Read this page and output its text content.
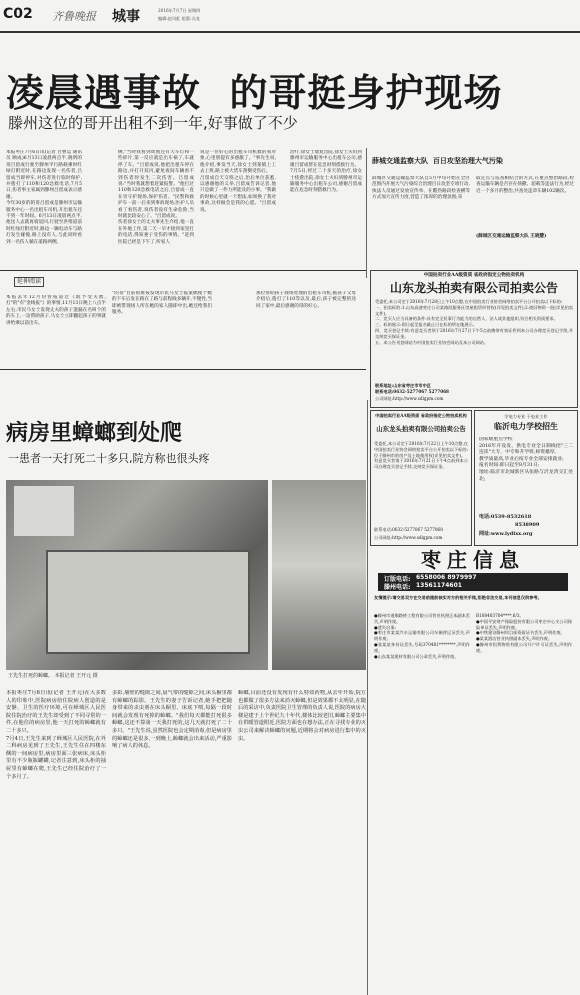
C02 齐鲁晚报 城事	2016年7月7日 星期四
编辑:赵凤虹 组版:冯龙
凌晨遇事故  的哥挺身护现场
滕州这位的哥开出租不到一年,好事做了不少
本报枣庄7月6日讯(记者 甘曹运 通讯员 顾成)6月13日凌晨两点半,晓明的哥吕留成行驶至滕州平行路载乘时红绿灯附近时,在路边发现一名伤者,吕留成当即停车,对伤者进行临时保护,并拨打了110和120急救电话,7月5日,伤者事主家属到滕州吕留成表示感谢。
今年30岁的的哥吕留成是滕州市运输服务中心一名出租车司机,开出租车还不到一年时间。6月13日凌晨两点半,他送人去就再骑返回,行驶至洪绪道前时红绿灯附近时,路边一辆电动车与路灯发生碰撞,路上没有人,与此同时看到一名伤人躺在道路两侧。
侧,"当时我看到周围还有大车灯和一些碎片,第一反应就是出车祸了,车就停了车。"吕留成说,他把出租车停在路边,并打开双闪,避免夜间车辆看不到伤者时发生二次伤害。吕留成说:"当时我就想着赶紧报警。"他打过110和120急救电话之后,吕留成一直在旁守护现场,保护伤者。"民警和救护车一前一后来到事故现场,医护人员看了看伤者,说伤者没有生命危险,当时就比较安心了。"吕留成说。
伤者徐女士的丈夫事先生介绍,他一直在外地工作,第二天一早才接到家里打的电话,得知妻子受伤的事情。"赶到医院已经是下午了,听家人
说是一位好心的出租车司机救的我对象,心里别提有多感激了。"事先生说,他介绍,事发当天,徐女士到某镇上工去上班,路上被大货车刮倒受伤后。
吕留成自天交班之后,治后单位获悉,以感谢他的义举,吕留成告诉记者,他只是做了一件力所能及的小事。"我做的时候心里就一个想法,如果换了我对事故,这样做会是我的心愿。"吕留成说。
治疗,徐女士康复出院,徐女士夫妇到滕州市运输服务中心出租车公司,感谢吕留成帮在危急时刻搭救行为。
7月5日,经过二十多天的治疗,徐女士痊愈出院,徐女士夫妇到滕州市运输服务中心出租车公司,感谢吕留成能在危急时刻搭救行为。
延伸阅读
本报去年12月份曾报道过《既予受关救,打"的"有"金线报"》的事情,11月13日晚上八点半左右,市民马女士发现丈夫的孩子遗漏在名叫个的的车上,一边帮助孩子,马女士立即翻起孩子的事就讲给乘以前出车。
"的哥"目前很难按发现市民马女士报案偶使于她的下车后发在路在了路与前程线多辆开,不慢性,当即被带现场人所在她的家人随即中出,她还给我们服务。
那位帮助孩子现场处理的出租车司机,据孩子父母介绍后,拨打了110等以及,最后,孩子被完整的送回了家中,最后感谢的哥的好心。
薛城交通监察大队  百日攻坚治理大气污染
薛城区交通运输监察大队自5月中旬开始在全区范围内开展大气污染综合治理百日攻坚专项行动,执法人员通过发放宣传单、在酷热路段检查横等方式加大宣传力度,营造了浓厚的治理氛围;采
取定点与巡查相结合的方式,在重点整治路段,检查运输车辆是否存在扬撒、超载等违法行为,经过近一个多月的整治,共查处违章车辆102辆次。
(薛城区交通运输监察大队 王晓慧)
中国拍卖行业AA级资质 省政府指定公物拍卖机构
山东龙头拍卖有限公司拍卖公告
受委托,本公司定于2016年7月28日上午10点整,在中国拍卖行业协会网络拍卖平台公开拍卖以下标的:
一、拍卖标的:1.山东高速枣庄公司某路段服务区房屋租赁经营权(详见拍卖文件);2.废旧物资一批(详见拍卖文件)。
二、竞买人应当具备的条件:具有完全民事行为能力的自然人、法人或其他组织,符合相关资质要求。
三、标的展示:即日起至报名截止日在标的所在地展示。
四、竞买登记手续:有意竞买者须于2016年7月27日下午5点前携带有效证件到本公司办理竞买登记手续,并交纳竞买保证金。
五、本公告刊登网站为中国拍卖行业协会网站及本公司网站。
联系地址:山东省枣庄市市中区
联系电话:0632-5277067 5277068
公司网址:http://www.sdlgpm.com
病房里蟑螂到处爬
一患者一天打死二十多只,院方称也很头疼
王先生打死的蟑螂。 本报记者 王开元 摄
本报枣庄7月6日讯(记者 王开元)在大多数人的印象中,医院病房给住院病人创造的是安静、卫生的医疗环境,可在峄城区人民医院住院治疗的王先生却受到了不同寻常的一件,在他住的病房里,他一天打死的蟑螂就有二十多只。
7月4日,王先生来到了峄城区人民医院,在外二科病房见到了王先生,王先生住在四楼东侧的一间病房里,病房里面三张病床,床头柜里有不少瓶瓶罐罐,记者注意到,床头柜的抽屉里有蟑螂在爬,王先生已经住院治疗了一个多月了。
多影,墙壁的缝隙之间,晨气带的缝隙之间,床头橱里都有蟑螂的踪影。王先生的妻子告诉记者,她手把把随身带来的杀虫剂在床头橱里、床底下喷,每隔一段时间就会发现有死掉的蟑螂。"我们每天都能打死很多蟑螂,这还不算第一天我打死的,这几天就打死了二十多只。"王先生说,虽然医院也会定期消毒,但是病房里的蟑螂还是很多,一到晚上,蟑螂就会出来活动,严重影响了病人的休息。
蟑螂,目前还没有发现有什么特效药物,从去年开始,院方也都做了很多方法来消灭蟑螂,但是效果都不太明显,在随后的采访中,负责医院卫生管理的负责人说,医院的病房大楼是建于上个世纪九十年代,楼体比较老旧,蟑螂主要集中在供暖管道附近,医院方面也在想办法,正在寻找专业的灭虫公司来解决蟑螂的问题,近期将会对病房进行集中的灭虫。
中国拍卖行业AA级资质 省政府指定公物拍卖机构
山东龙头拍卖有限公司拍卖公告
受委托,本公司定于2016年7月22日上午10点整,在中国拍卖行业协会网络拍卖平台公开拍卖以下标的:位于滕州市的房产及土地使用权(详见拍卖文件)。
有意竞买者请于2016年7月21日下午4点前到本公司办理竞买登记手续,交纳竞买保证金。
联系电话:0632-5277067 5277068
公司网址:http://www.sdlgpm.com
学电力专业 干电业工作
临沂电力学校招生
国家级重点学校
2016年开设发、供电专业全日制线招"三二连读"大专、中专和升学班,师资雄厚,
教学质量高,毕业后按专业全部安排就业;
报名时间:即日起至8月31日;
地址:临沂市北城新区从张路与沂龙湾交汇处北;
电话:0539-8532618
8538909
网址:www.lydlxx.org
枣庄信息
订版电话: 6558006 8979997
滕州电话: 13561174601
友情提示:请交易双方在交易前提前核实对方的相关手续,拒绝非法交易,本刊信息仅供参考。
●滕州市道顺路桥工程有限公司营业执照正本副本丢失,声明作废。
●遗失启事:
●枣庄市某某汽车运输有限公司车辆营运证丢失,声明作废。
●张某某身份证丢失,号码370481********,声明作废。
●山东某某建材有限公司公章丢失,声明作废。
B108403704****,6/3。
●中国平安财产保险股份有限公司枣庄中心支公司保险单证丢失,声明作废。
●中铁建设滕州项目部资质证书丢失,声明作废。
●某某酒店营业执照副本丢失,声明作废。
●滕州市恒利物资有限公司开户许可证丢失,声明作废。
